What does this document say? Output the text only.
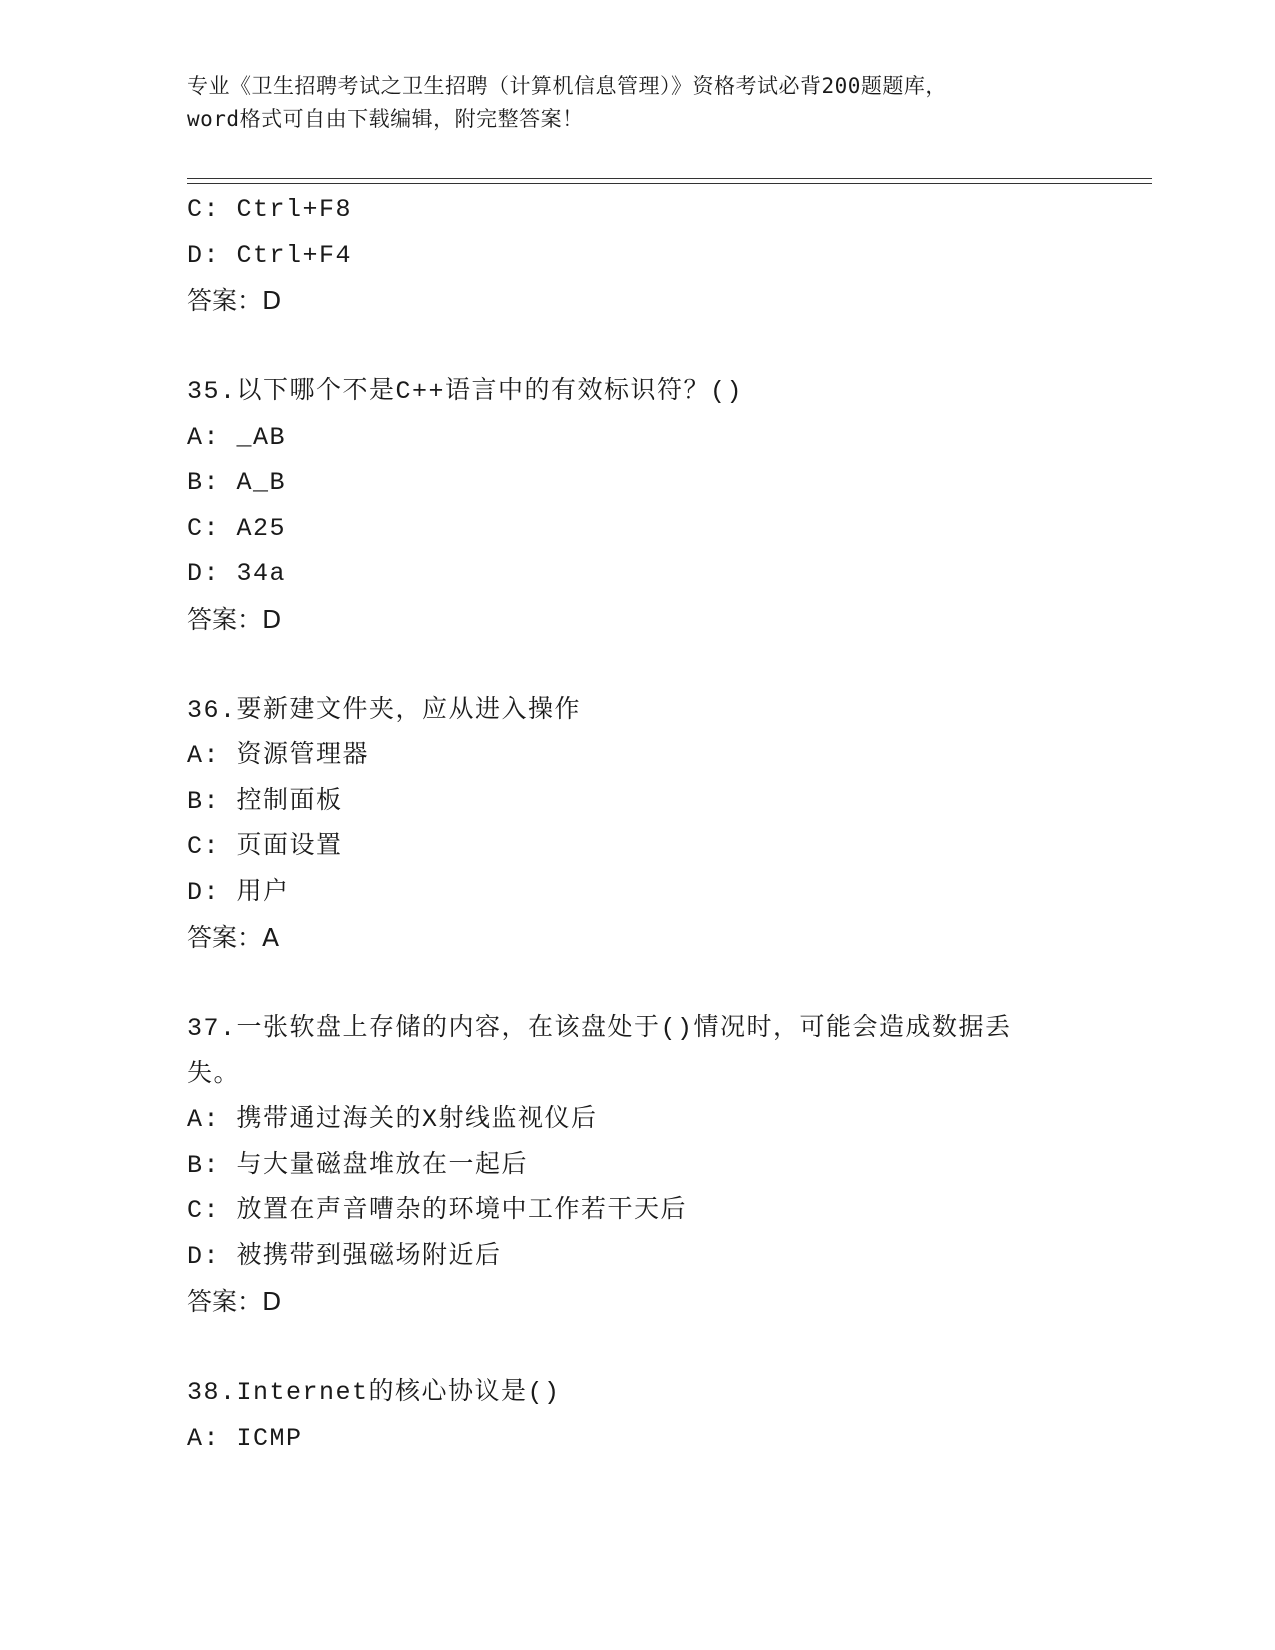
专业《卫生招聘考试之卫生招聘（计算机信息管理）》资格考试必背200题题库，
word格式可自由下载编辑，附完整答案！
C: Ctrl+F8
D: Ctrl+F4
答案：D
35.以下哪个不是C++语言中的有效标识符？()
A: _AB
B: A_B
C: A25
D: 34a
答案：D
36.要新建文件夹，应从进入操作
A: 资源管理器
B: 控制面板
C: 页面设置
D: 用户
答案：A
37.一张软盘上存储的内容，在该盘处于()情况时，可能会造成数据丢
失。
A: 携带通过海关的X射线监视仪后
B: 与大量磁盘堆放在一起后
C: 放置在声音嘈杂的环境中工作若干天后
D: 被携带到强磁场附近后
答案：D
38.Internet的核心协议是()
A: ICMP
